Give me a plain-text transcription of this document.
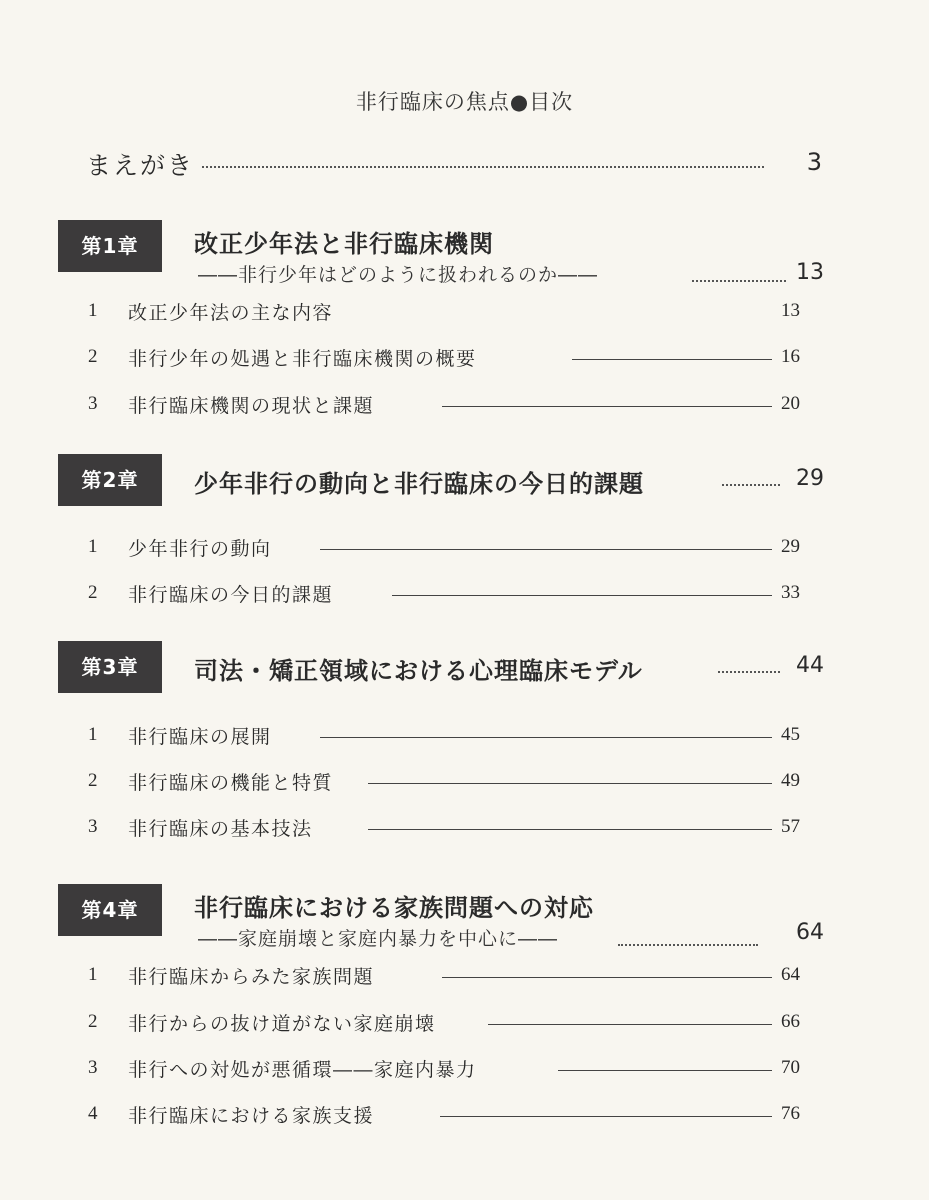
非行臨床の焦点●目次
まえがき	3
第1章	改正少年法と非行臨床機関
――非行少年はどのように扱われるのか――	13
1 改正少年法の主な内容	13
2 非行少年の処遇と非行臨床機関の概要	16
3 非行臨床機関の現状と課題	20
第2章	少年非行の動向と非行臨床の今日的課題	29
1 少年非行の動向	29
2 非行臨床の今日的課題	33
第3章	司法・矯正領域における心理臨床モデル	44
1 非行臨床の展開	45
2 非行臨床の機能と特質	49
3 非行臨床の基本技法	57
第4章	非行臨床における家族問題への対応
――家庭崩壊と家庭内暴力を中心に――	64
1 非行臨床からみた家族問題	64
2 非行からの抜け道がない家庭崩壊	66
3 非行への対処が悪循環――家庭内暴力	70
4 非行臨床における家族支援	76
